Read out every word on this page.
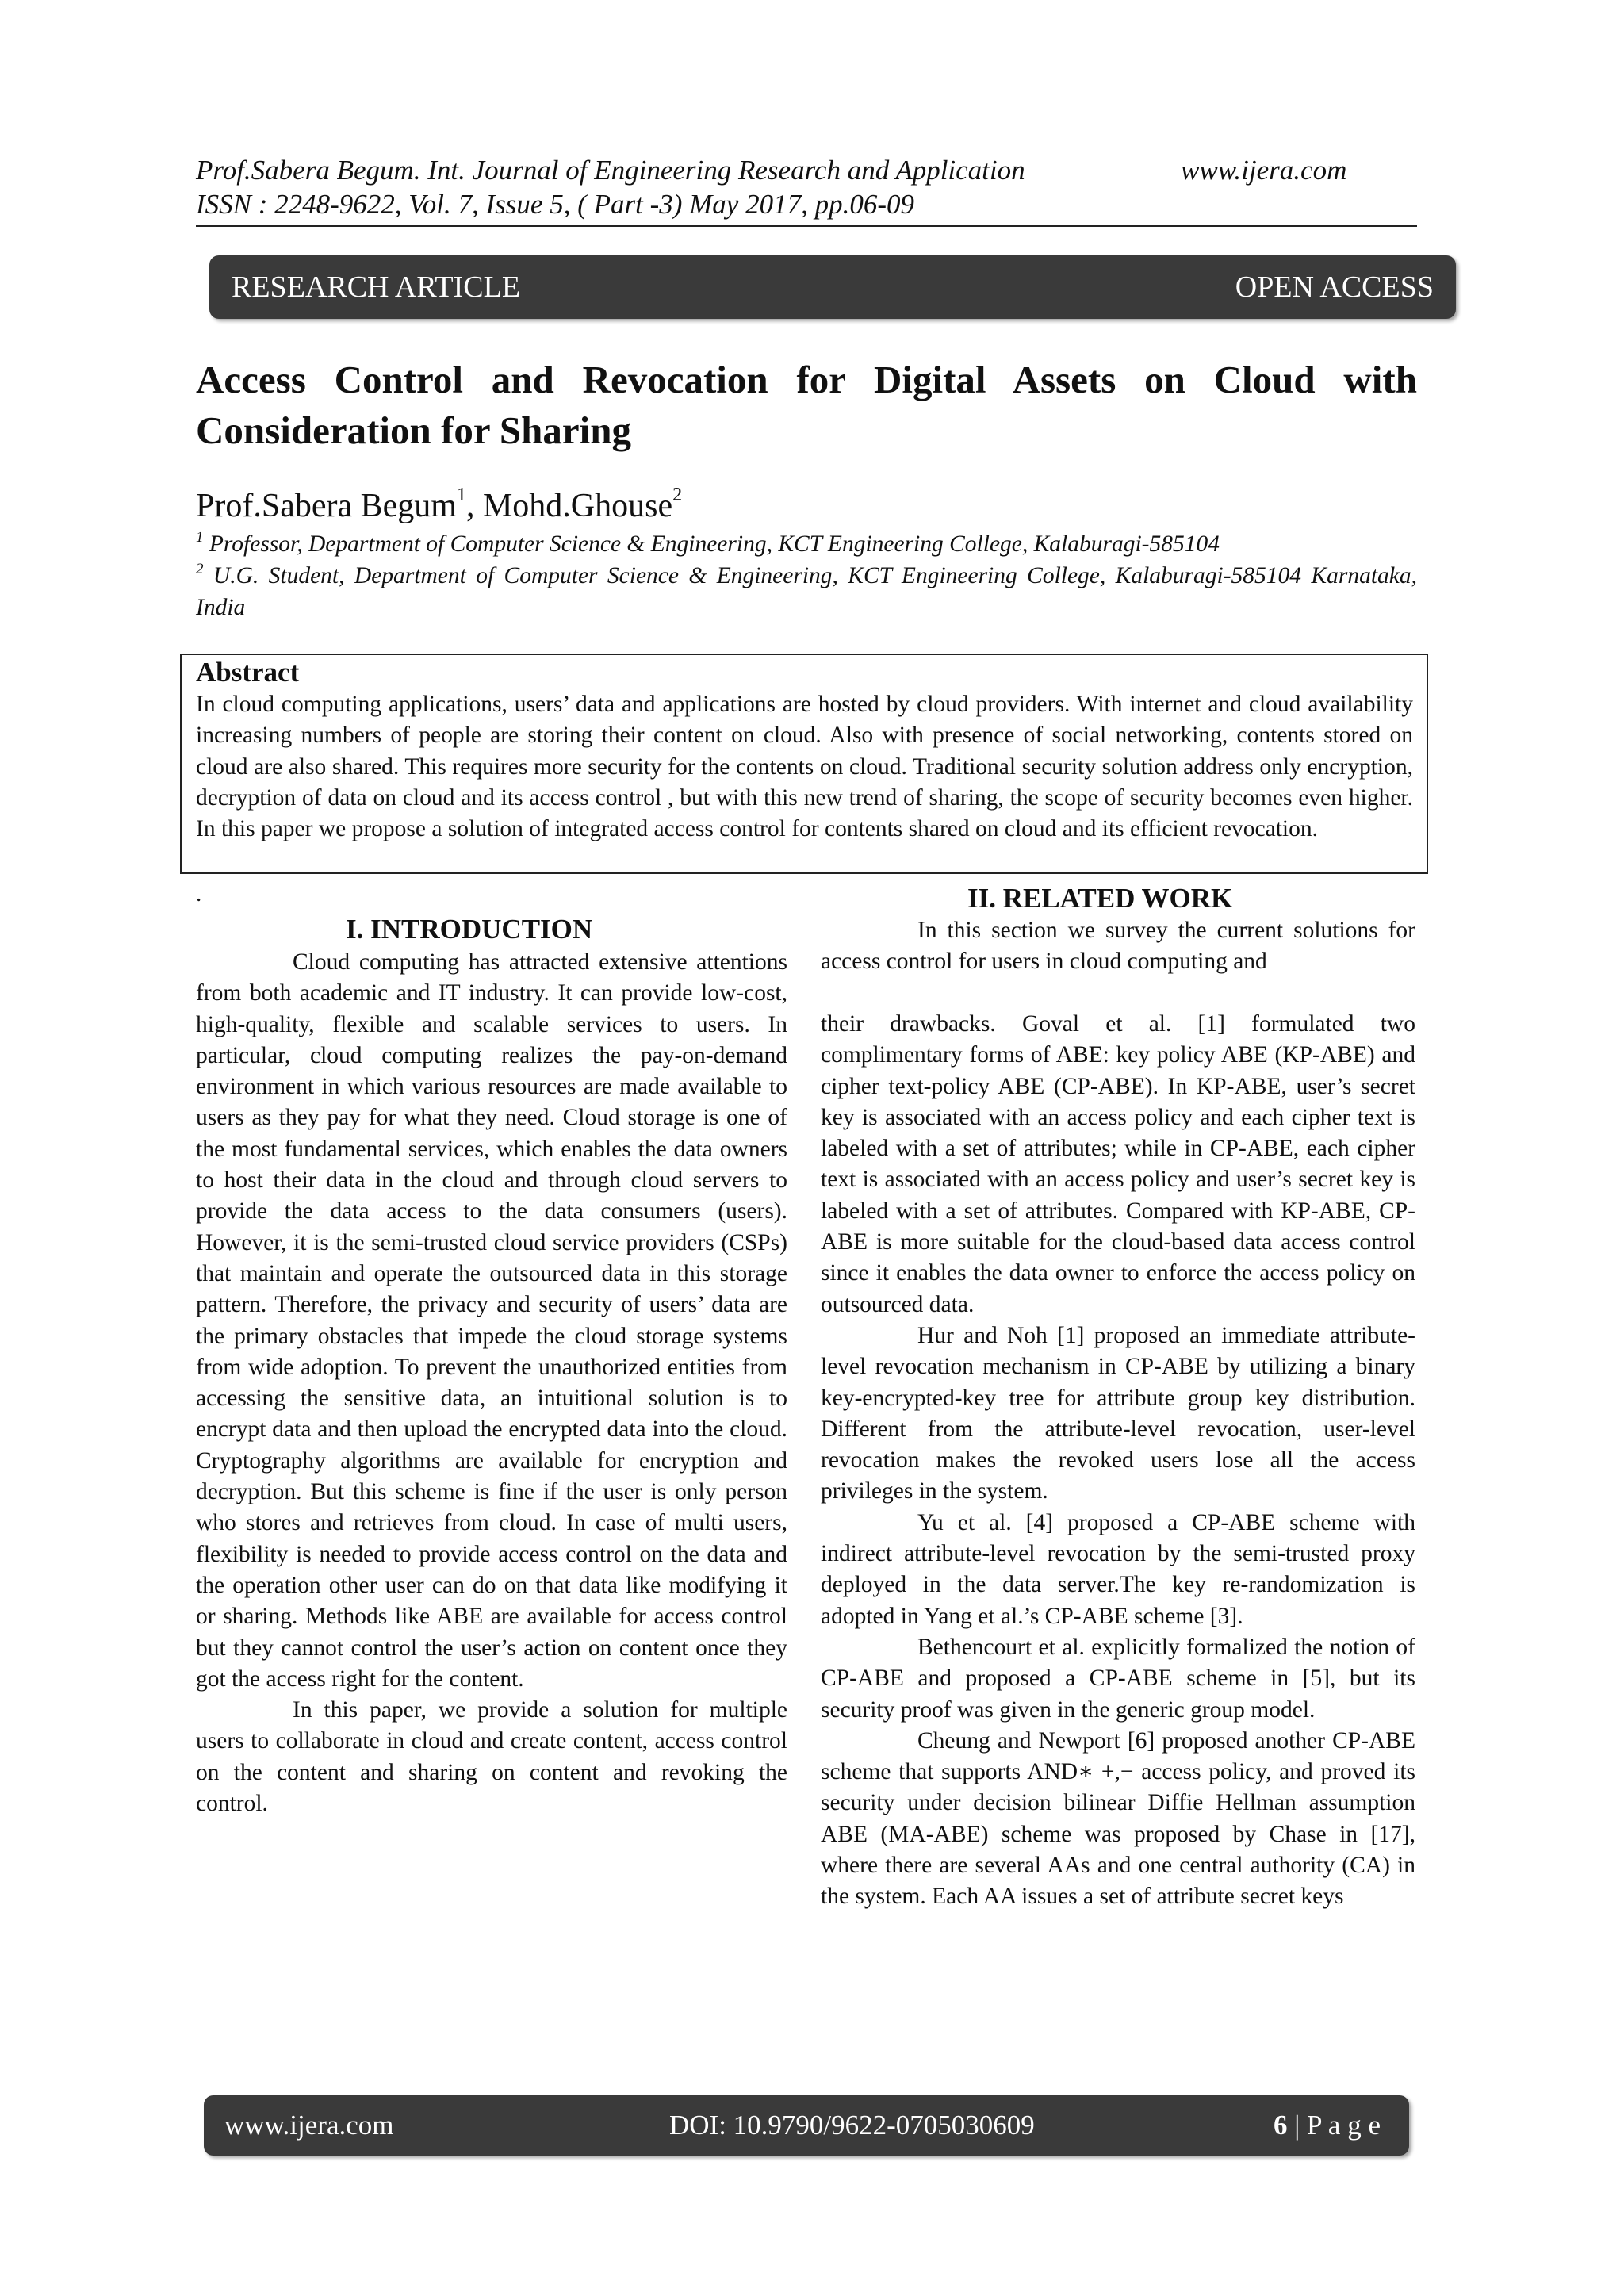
Prof.Sabera Begum. Int. Journal of Engineering Research and Application	www.ijera.com
ISSN : 2248-9622, Vol. 7, Issue 5, ( Part -3) May 2017, pp.06-09
RESEARCH ARTICLE	OPEN ACCESS
Access Control and Revocation for Digital Assets on Cloud with Consideration for Sharing
Prof.Sabera Begum$^1$, Mohd.Ghouse$^2$
$^1$ Professor, Department of Computer Science & Engineering, KCT Engineering College, Kalaburagi-585104
$^2$ U.G. Student, Department of Computer Science & Engineering, KCT Engineering College, Kalaburagi-585104 Karnataka, India
Abstract
In cloud computing applications, users’ data and applications are hosted by cloud providers. With internet and cloud availability increasing numbers of people are storing their content on cloud. Also with presence of social networking, contents stored on cloud are also shared. This requires more security for the contents on cloud. Traditional security solution address only encryption, decryption of data on cloud and its access control , but with this new trend of sharing, the scope of security becomes even higher. In this paper we propose a solution of integrated access control for contents shared on cloud and its efficient revocation.
.
I. INTRODUCTION

Cloud computing has attracted extensive attentions from both academic and IT industry. It can provide low-cost, high-quality, flexible and scalable services to users. In particular, cloud computing realizes the pay-on-demand environment in which various resources are made available to users as they pay for what they need. Cloud storage is one of the most fundamental services, which enables the data owners to host their data in the cloud and through cloud servers to provide the data access to the data consumers (users). However, it is the semi-trusted cloud service providers (CSPs) that maintain and operate the outsourced data in this storage pattern. Therefore, the privacy and security of users’ data are the primary obstacles that impede the cloud storage systems from wide adoption. To prevent the unauthorized entities from accessing the sensitive data, an intuitional solution is to encrypt data and then upload the encrypted data into the cloud. Cryptography algorithms are available for encryption and decryption. But this scheme is fine if the user is only person who stores and retrieves from cloud. In case of multi users, flexibility is needed to provide access control on the data and the operation other user can do on that data like modifying it or sharing. Methods like ABE are available for access control but they cannot control the user’s action on content once they got the access right for the content.

In this paper, we provide a solution for multiple users to collaborate in cloud and create content, access control on the content and sharing on content and revoking the control.

II. RELATED WORK

In this section we survey the current solutions for access control for users in cloud computing and

their drawbacks. Goval et al. [1] formulated two complimentary forms of ABE: key policy ABE (KP-ABE) and cipher text-policy ABE (CP-ABE). In KP-ABE, user’s secret key is associated with an access policy and each cipher text is labeled with a set of attributes; while in CP-ABE, each cipher text is associated with an access policy and user’s secret key is labeled with a set of attributes. Compared with KP-ABE, CP-ABE is more suitable for the cloud-based data access control since it enables the data owner to enforce the access policy on outsourced data.

Hur and Noh [1] proposed an immediate attribute-level revocation mechanism in CP-ABE by utilizing a binary key-encrypted-key tree for attribute group key distribution. Different from the attribute-level revocation, user-level revocation makes the revoked users lose all the access privileges in the system.

Yu et al. [4] proposed a CP-ABE scheme with indirect attribute-level revocation by the semi-trusted proxy deployed in the data server.The key re-randomization is adopted in Yang et al.’s CP-ABE scheme [3].

Bethencourt et al. explicitly formalized the notion of CP-ABE and proposed a CP-ABE scheme in [5], but its security proof was given in the generic group model.

Cheung and Newport [6] proposed another CP-ABE scheme that supports AND∗ +,− access policy, and proved its security under decision bilinear Diffie Hellman assumption ABE (MA-ABE) scheme was proposed by Chase in [17], where there are several AAs and one central authority (CA) in the system. Each AA issues a set of attribute secret keys

www.ijera.com	DOI: 10.9790/9622-0705030609	6 | P a g e
